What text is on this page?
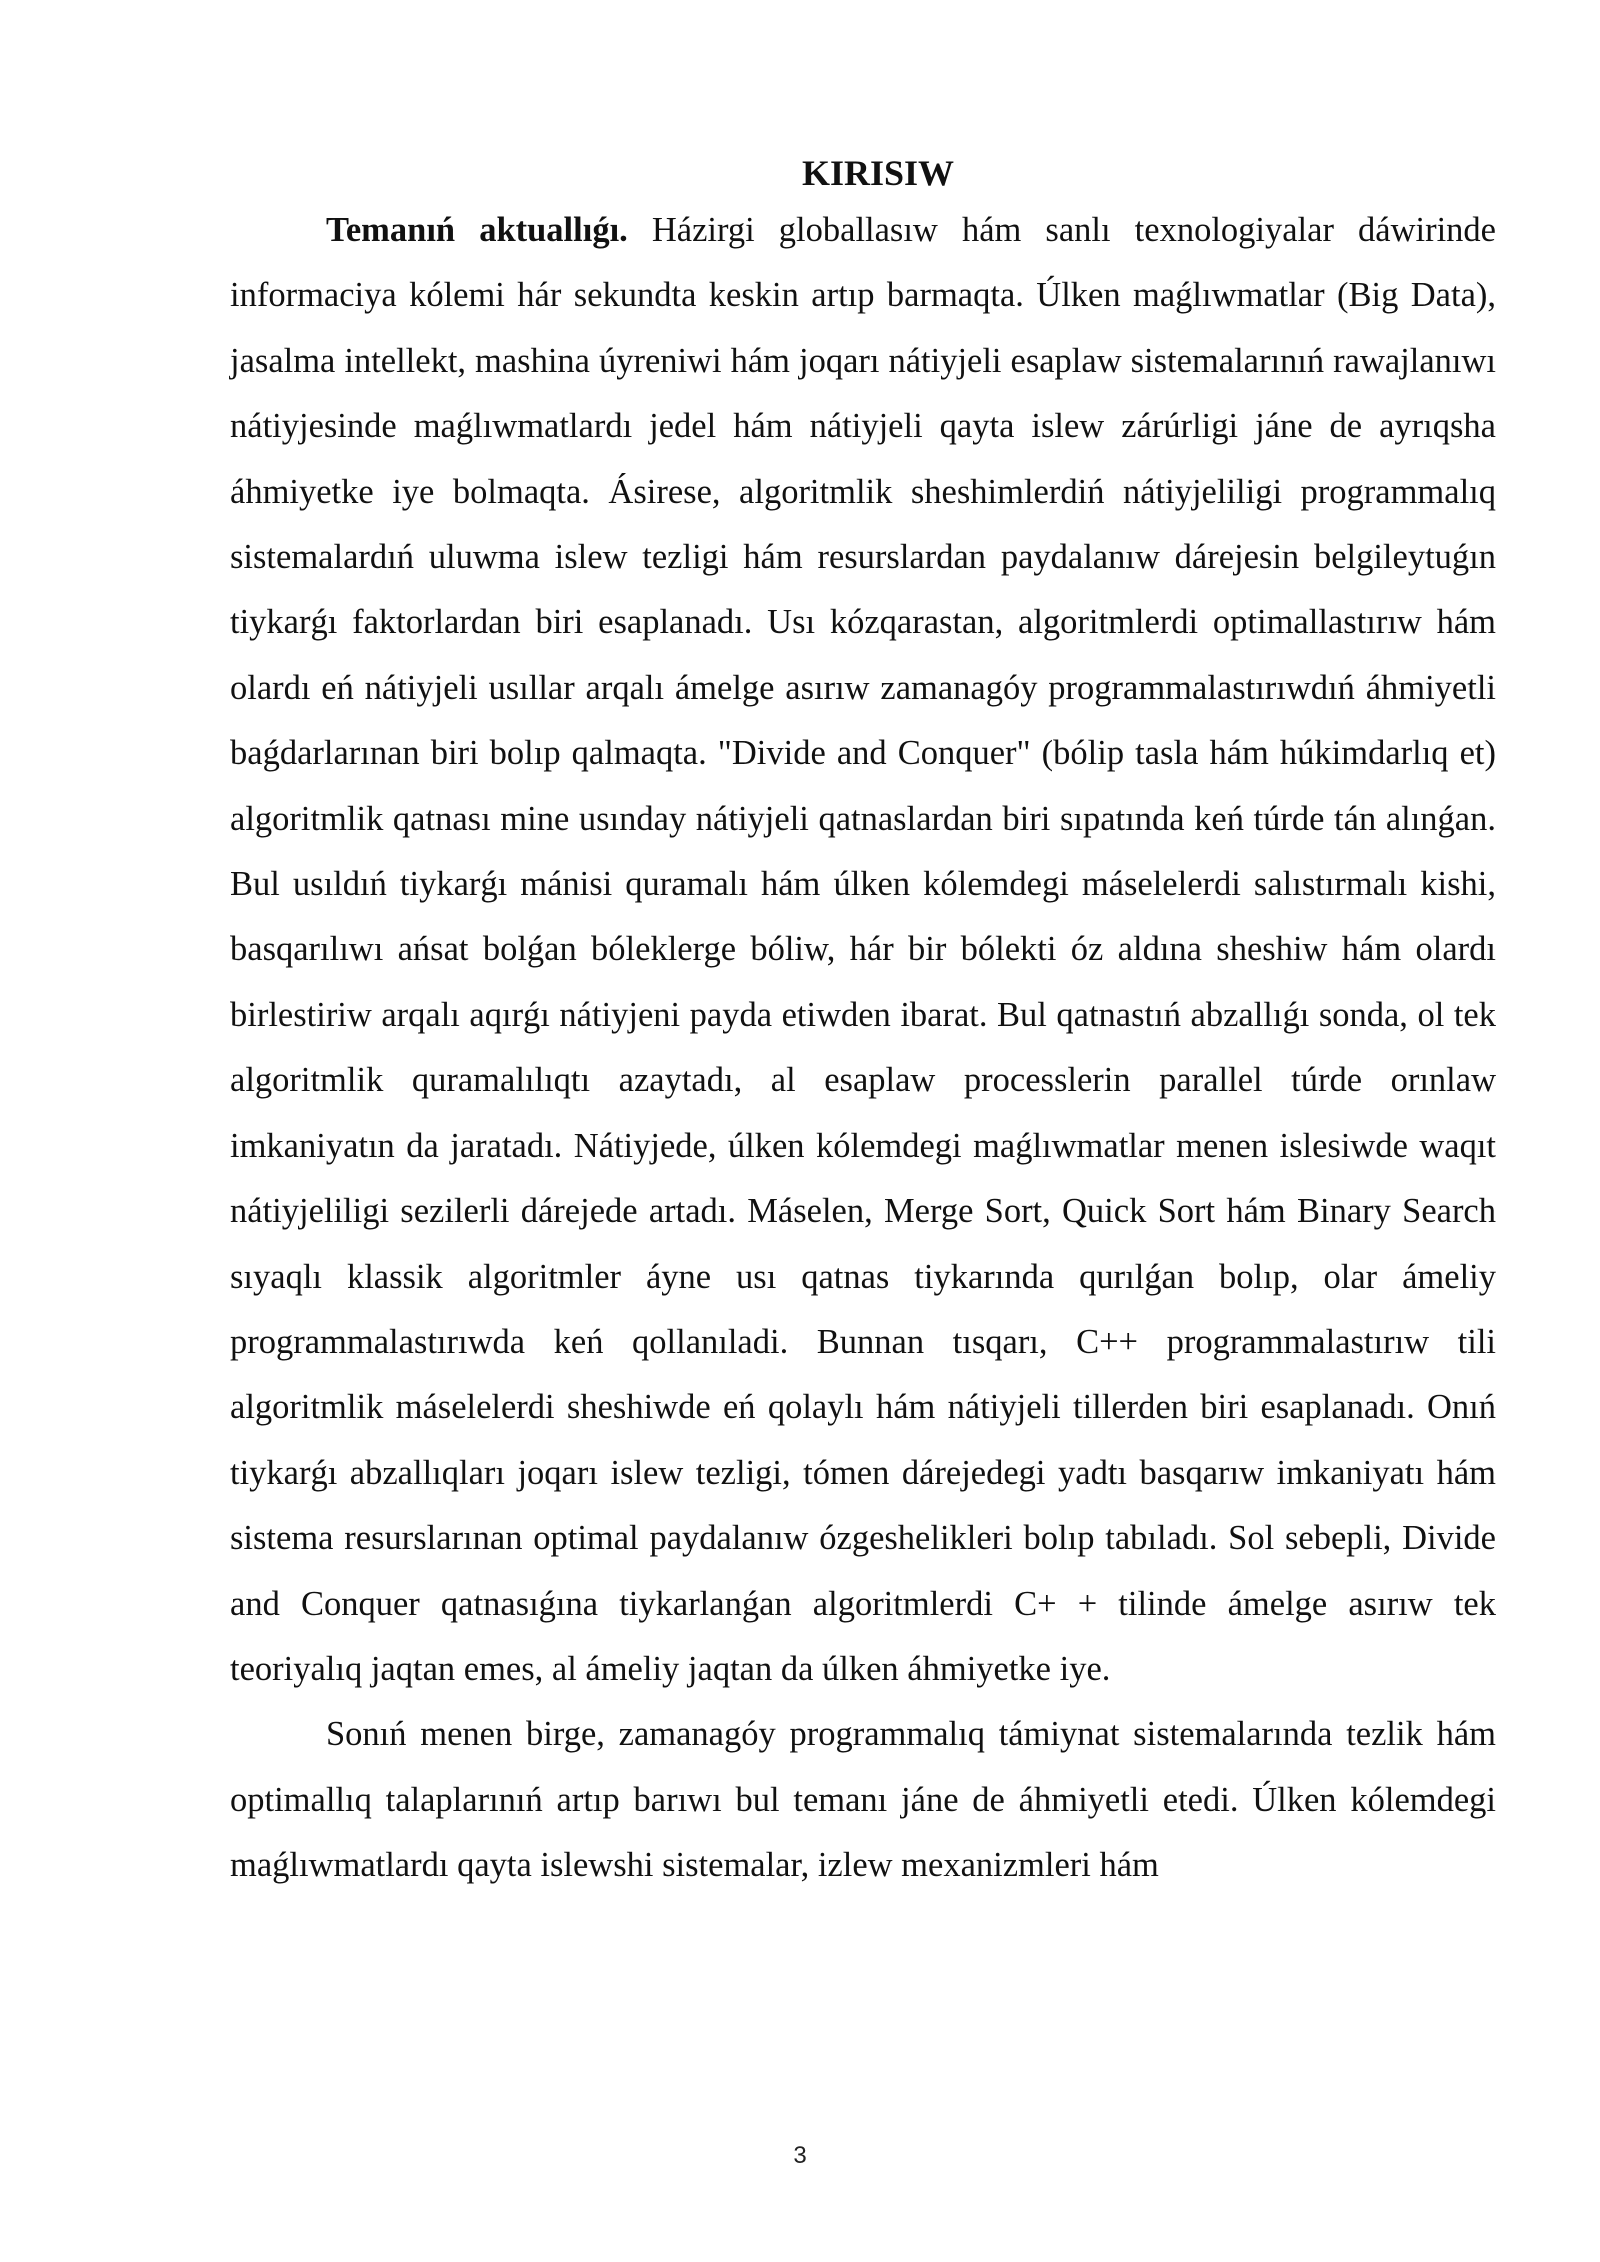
KIRISIW

Temanıń aktuallıǵı. Házirgi globallasıw hám sanlı texnologiyalar dáwirinde informaciya kólemi hár sekundta keskin artıp barmaqta. Úlken maǵlıwmatlar (Big Data), jasalma intellekt, mashina úyreniwi hám joqarı nátiyjeli esaplaw sistemalarınıń rawajlanıwı nátiyjesinde maǵlıwmatlardı jedel hám nátiyjeli qayta islew zárúrligi jáne de ayrıqsha áhmiyetke iye bolmaqta. Ásirese, algoritmlik sheshimlerdiń nátiyjeliligi programmalıq sistemalardıń uluwma islew tezligi hám resurslardan paydalanıw dárejesin belgileytuǵın tiykarǵı faktorlardan biri esaplanadı. Usı kózqarastan, algoritmlerdi optimallastırıw hám olardı eń nátiyjeli usıllar arqalı ámelge asırıw zamanagóy programmalastırıwdıń áhmiyetli baǵdarlarınan biri bolıp qalmaqta. "Divide and Conquer" (bólip tasla hám húkimdarlıq et) algoritmlik qatnası mine usınday nátiyjeli qatnaslardan biri sıpatında keń túrde tán alınǵan. Bul usıldıń tiykarǵı mánisi quramalı hám úlken kólemdegi máselelerdi salıstırmalı kishi, basqarılıwı ańsat bolǵan bóleklerge bóliw, hár bir bólekti óz aldına sheshiw hám olardı birlestiriw arqalı aqırǵı nátiyjeni payda etiwden ibarat. Bul qatnastıń abzallıǵı sonda, ol tek algoritmlik quramalılıqtı azaytadı, al esaplaw processlerin parallel túrde orınlaw imkaniyatın da jaratadı. Nátiyjede, úlken kólemdegi maǵlıwmatlar menen islesiwde waqıt nátiyjeliligi sezilerli dárejede artadı. Máselen, Merge Sort, Quick Sort hám Binary Search sıyaqlı klassik algoritmler áyne usı qatnas tiykarında qurılǵan bolıp, olar ámeliy programmalastırıwda keń qollanıladi. Bunnan tısqarı, C++ programmalastırıw tili algoritmlik máselelerdi sheshiwde eń qolaylı hám nátiyjeli tillerden biri esaplanadı. Onıń tiykarǵı abzallıqları joqarı islew tezligi, tómen dárejedegi yadtı basqarıw imkaniyatı hám sistema resurslarınan optimal paydalanıw ózgeshelikleri bolıp tabıladı. Sol sebepli, Divide and Conquer qatnasıǵına tiykarlanǵan algoritmlerdi C+ + tilinde ámelge asırıw tek teoriyalıq jaqtan emes, al ámeliy jaqtan da úlken áhmiyetke iye.

Sonıń menen birge, zamanagóy programmalıq támiynat sistemalarında tezlik hám optimallıq talaplarınıń artıp barıwı bul temanı jáne de áhmiyetli etedi. Úlken kólemdegi maǵlıwmatlardı qayta islewshi sistemalar, izlew mexanizmleri hám

3
